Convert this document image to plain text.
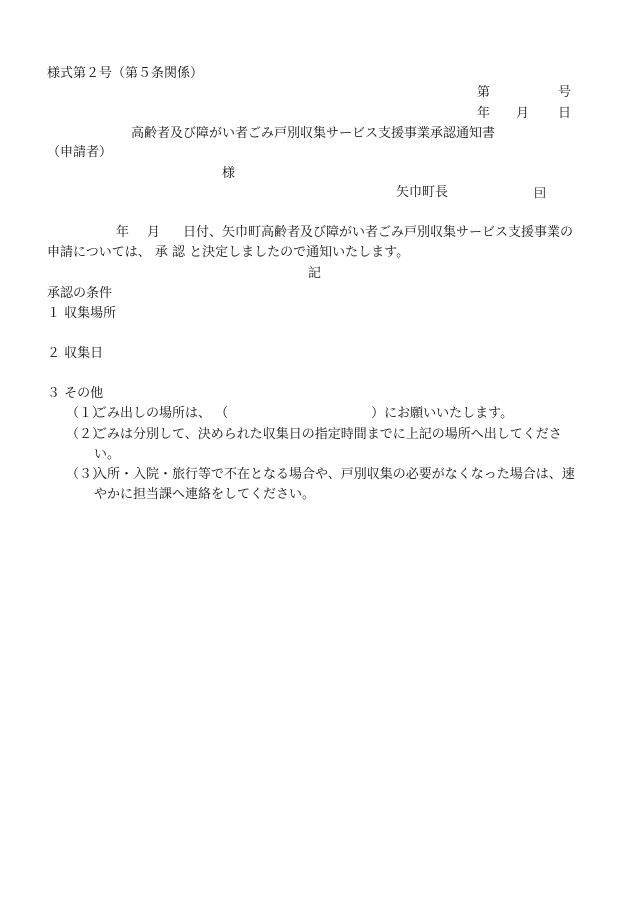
様式第２号（第５条関係）
第	号
年 月 日
高齢者及び障がい者ごみ戸別収集サービス支援事業承認通知書
（申請者）
様
矢巾町長	囙
年 月 日付、矢巾町高齢者及び障がい者ごみ戸別収集サービス支援事業の
申請については、 承 認 と決定しましたので通知いたします。
記
承認の条件
１ 収集場所
２ 収集日
３ その他
（１）
ごみ出しの場所は、 （　　　　　　　　　　　）にお願いいたします。
（２）
ごみは分別して、決められた収集日の指定時間までに上記の場所へ出してください。
（３）
入所・入院・旅行等で不在となる場合や、戸別収集の必要がなくなった場合は、速やかに担当課へ連絡をしてください。
